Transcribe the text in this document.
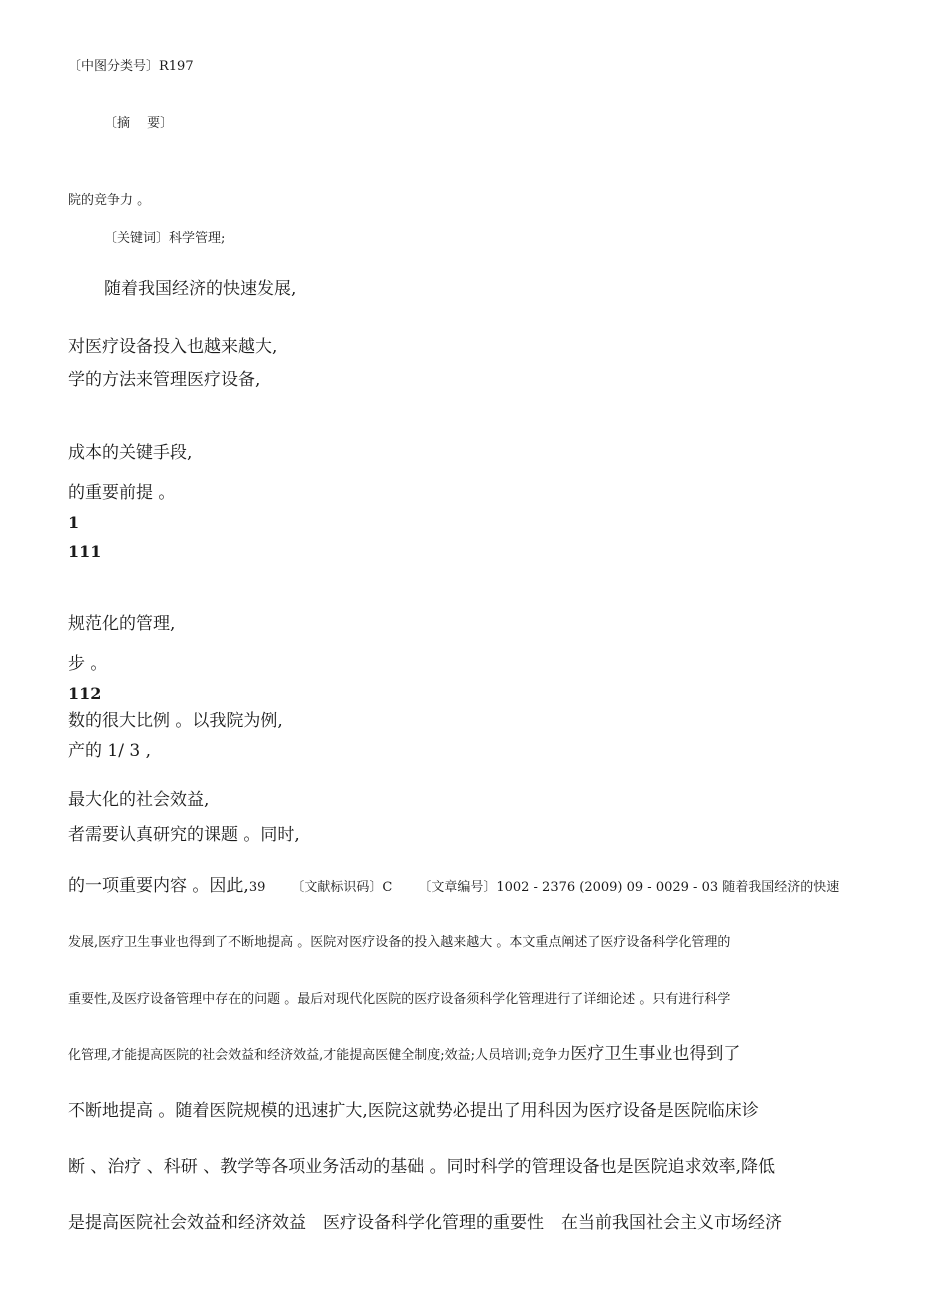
〔中图分类号〕R197
〔摘　 要〕
院的竞争力 。
〔关键词〕科学管理;
随着我国经济的快速发展,
对医疗设备投入也越来越大,
学的方法来管理医疗设备,
成本的关键手段,
的重要前提 。
1
111
规范化的管理,
步 。
112
数的很大比例 。以我院为例,
产的 1/ 3 ,
最大化的社会效益,
者需要认真研究的课题 。同时,
的一项重要内容 。因此,39 〔文献标识码〕C 〔文章编号〕1002 - 2376 (2009) 09 - 0029 - 03 随着我国经济的快速
发展,医疗卫生事业也得到了不断地提高 。医院对医疗设备的投入越来越大 。本文重点阐述了医疗设备科学化管理的
重要性,及医疗设备管理中存在的问题 。最后对现代化医院的医疗设备须科学化管理进行了详细论述 。只有进行科学
化管理,才能提高医院的社会效益和经济效益,才能提高医健全制度;效益;人员培训;竞争力医疗卫生事业也得到了
不断地提高 。随着医院规模的迅速扩大,医院这就势必提出了用科因为医疗设备是医院临床诊
断 、治疗 、科研 、教学等各项业务活动的基础 。同时科学的管理设备也是医院追求效率,降低
是提高医院社会效益和经济效益　医疗设备科学化管理的重要性　在当前我国社会主义市场经济
